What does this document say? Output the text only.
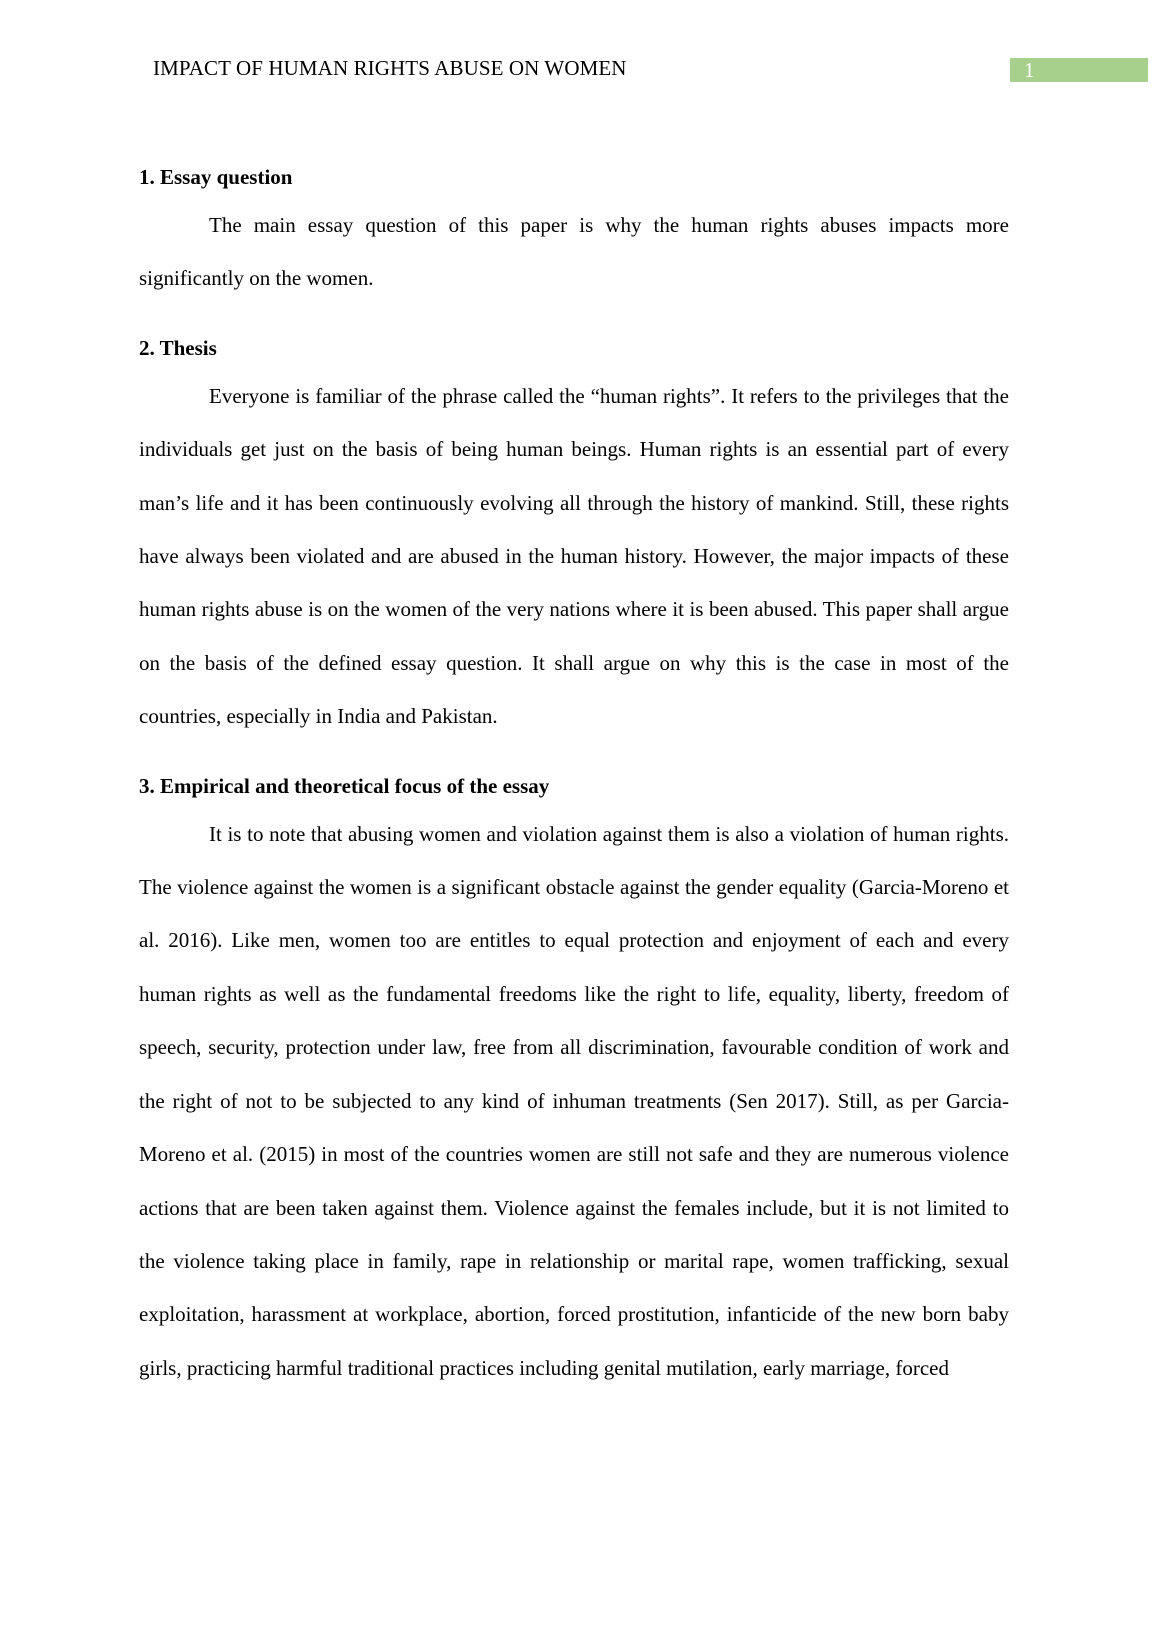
IMPACT OF HUMAN RIGHTS ABUSE ON WOMEN	1
1. Essay question

The main essay question of this paper is why the human rights abuses impacts more significantly on the women.

2. Thesis

Everyone is familiar of the phrase called the “human rights”. It refers to the privileges that the individuals get just on the basis of being human beings. Human rights is an essential part of every man’s life and it has been continuously evolving all through the history of mankind. Still, these rights have always been violated and are abused in the human history. However, the major impacts of these human rights abuse is on the women of the very nations where it is been abused. This paper shall argue on the basis of the defined essay question. It shall argue on why this is the case in most of the countries, especially in India and Pakistan.

3. Empirical and theoretical focus of the essay

It is to note that abusing women and violation against them is also a violation of human rights. The violence against the women is a significant obstacle against the gender equality (Garcia-Moreno et al. 2016). Like men, women too are entitles to equal protection and enjoyment of each and every human rights as well as the fundamental freedoms like the right to life, equality, liberty, freedom of speech, security, protection under law, free from all discrimination, favourable condition of work and the right of not to be subjected to any kind of inhuman treatments (Sen 2017). Still, as per Garcia-Moreno et al. (2015) in most of the countries women are still not safe and they are numerous violence actions that are been taken against them. Violence against the females include, but it is not limited to the violence taking place in family, rape in relationship or marital rape, women trafficking, sexual exploitation, harassment at workplace, abortion, forced prostitution, infanticide of the new born baby girls, practicing harmful traditional practices including genital mutilation, early marriage, forced
